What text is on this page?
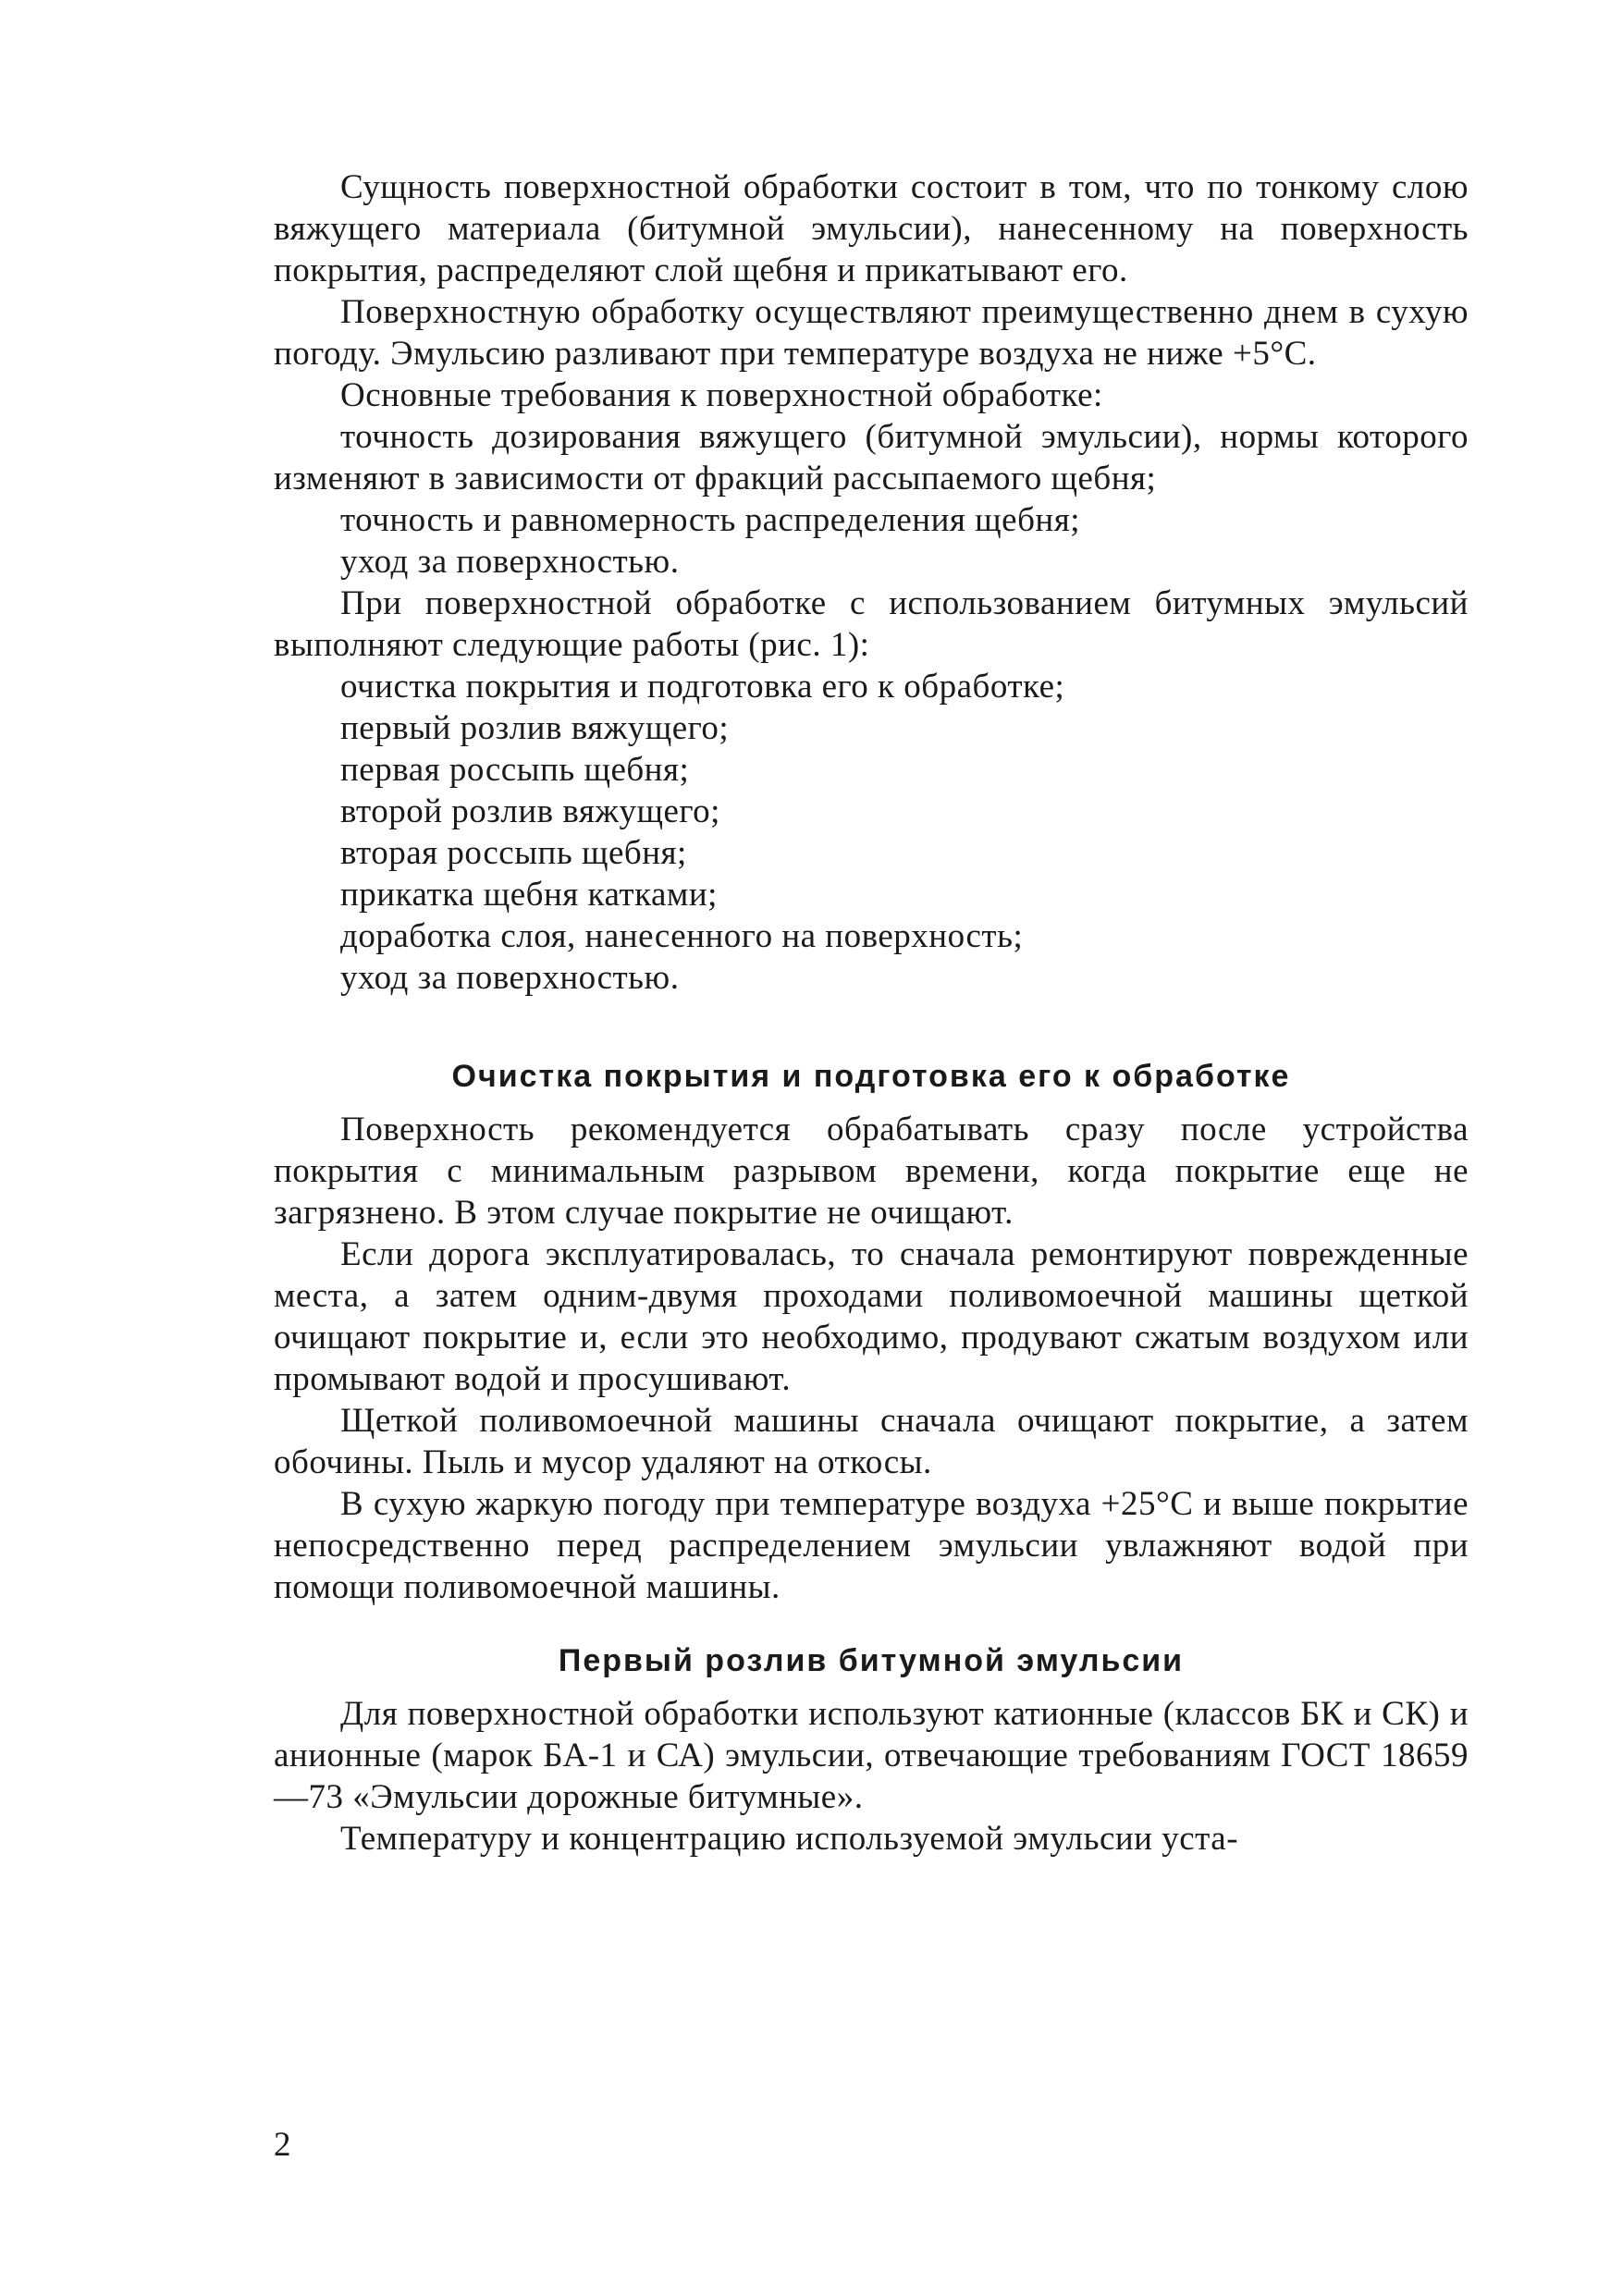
Сущность поверхностной обработки состоит в том, что по тонкому слою вяжущего материала (битумной эмульсии), нанесенному на поверхность покрытия, распределяют слой щебня и прикатывают его.

Поверхностную обработку осуществляют преимущественно днем в сухую погоду. Эмульсию разливают при температуре воздуха не ниже +5°С.

Основные требования к поверхностной обработке:

точность дозирования вяжущего (битумной эмульсии), нормы которого изменяют в зависимости от фракций рассыпаемого щебня;

точность и равномерность распределения щебня;

уход за поверхностью.

При поверхностной обработке с использованием битумных эмульсий выполняют следующие работы (рис. 1):

очистка покрытия и подготовка его к обработке;

первый розлив вяжущего;

первая россыпь щебня;

второй розлив вяжущего;

вторая россыпь щебня;

прикатка щебня катками;

доработка слоя, нанесенного на поверхность;

уход за поверхностью.

Очистка покрытия и подготовка его к обработке

Поверхность рекомендуется обрабатывать сразу после устройства покрытия с минимальным разрывом времени, когда покрытие еще не загрязнено. В этом случае покрытие не очищают.

Если дорога эксплуатировалась, то сначала ремонтируют поврежденные места, а затем одним-двумя проходами поливомоечной машины щеткой очищают покрытие и, если это необходимо, продувают сжатым воздухом или промывают водой и просушивают.

Щеткой поливомоечной машины сначала очищают покрытие, а затем обочины. Пыль и мусор удаляют на откосы.

В сухую жаркую погоду при температуре воздуха +25°С и выше покрытие непосредственно перед распределением эмульсии увлажняют водой при помощи поливомоечной машины.

Первый розлив битумной эмульсии

Для поверхностной обработки используют катионные (классов БК и СК) и анионные (марок БА-1 и СА) эмульсии, отвечающие требованиям ГОСТ 18659—73 «Эмульсии дорожные битумные».

Температуру и концентрацию используемой эмульсии уста-

2
